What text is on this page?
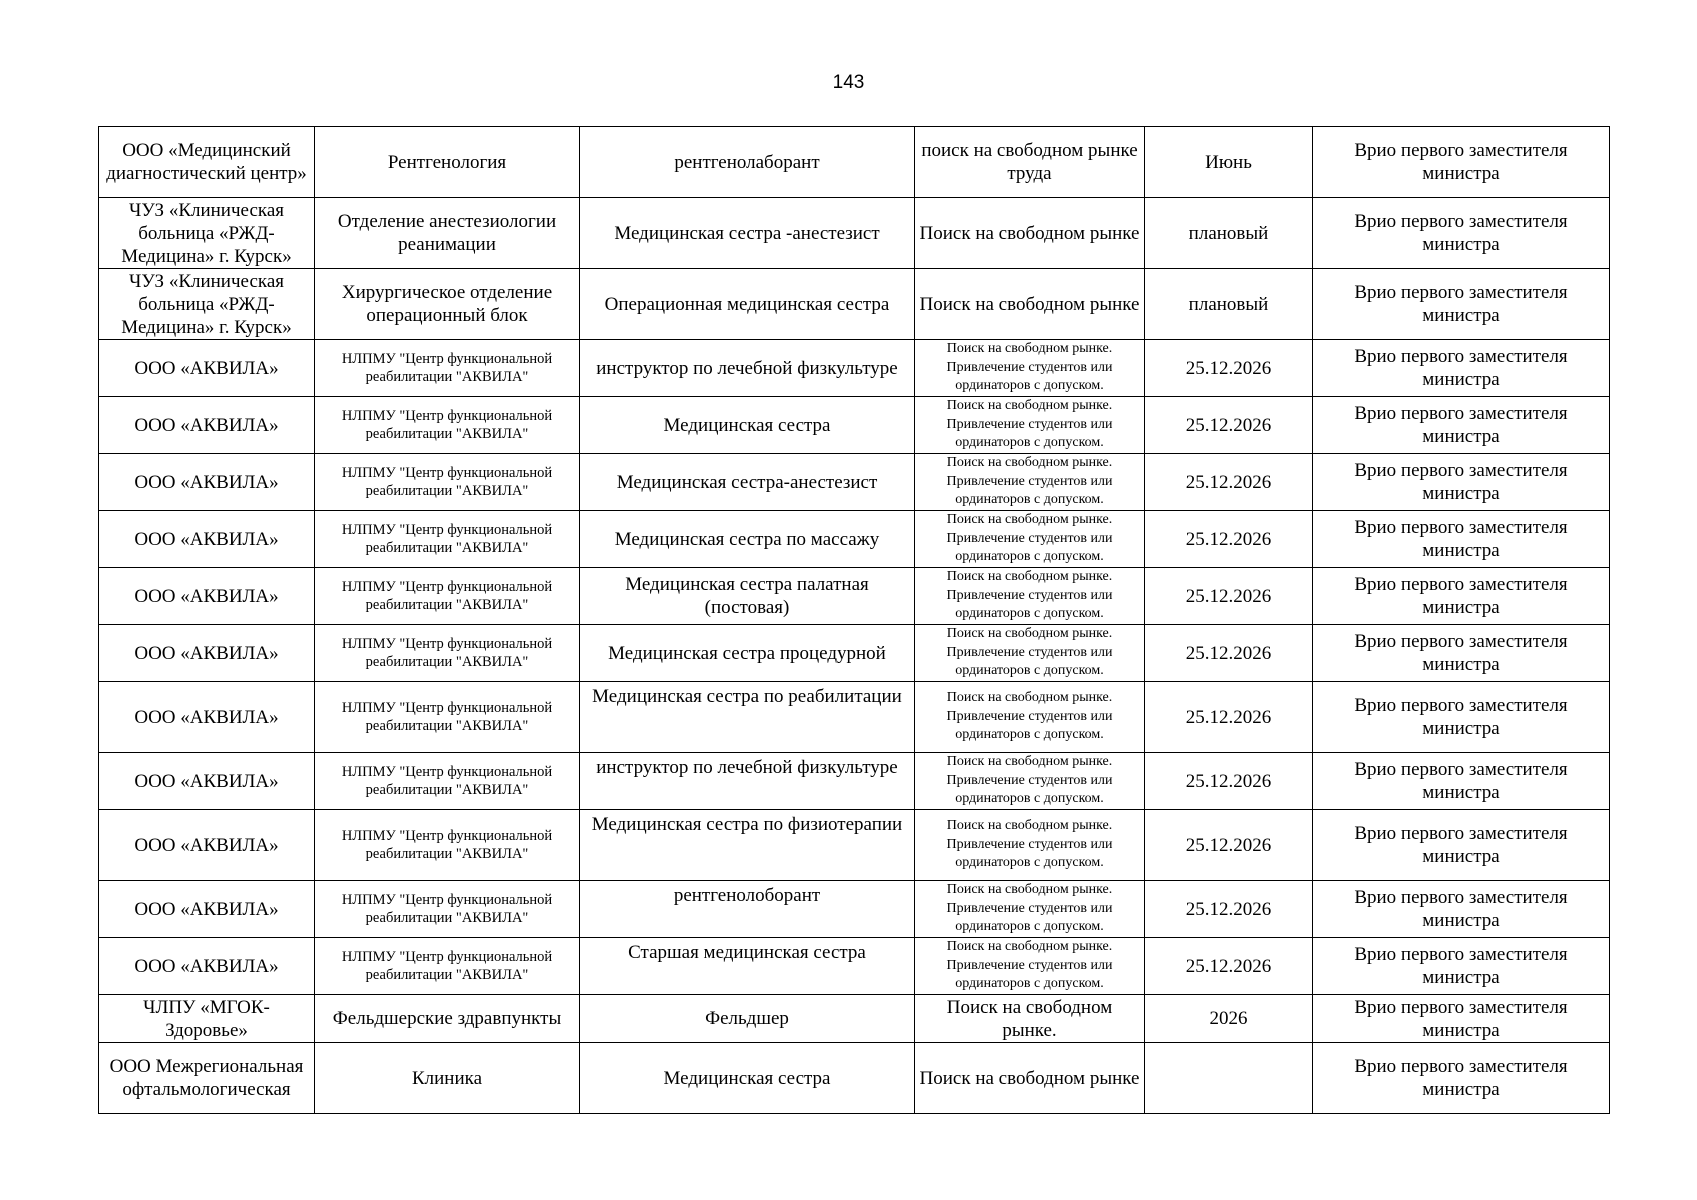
143
ООО «Медицинский диагностический центр»	Рентгенология	рентгенолаборант	поиск на свободном рынке труда	Июнь	Врио первого заместителя министра
ЧУЗ «Клиническая больница «РЖД-Медицина» г. Курск»	Отделение анестезиологии реанимации	Медицинская сестра -анестезист	Поиск на свободном рынке	плановый	Врио первого заместителя министра
ЧУЗ «Клиническая больница «РЖД-Медицина» г. Курск»	Хирургическое отделение операционный блок	Операционная медицинская сестра	Поиск на свободном рынке	плановый	Врио первого заместителя министра
ООО «АКВИЛА»	НЛПМУ "Центр функциональной реабилитации "АКВИЛА"	инструктор по лечебной физкультуре	Поиск на свободном рынке. Привлечение студентов или ординаторов с допуском.	25.12.2026	Врио первого заместителя министра
ООО «АКВИЛА»	НЛПМУ "Центр функциональной реабилитации "АКВИЛА"	Медицинская сестра	Поиск на свободном рынке. Привлечение студентов или ординаторов с допуском.	25.12.2026	Врио первого заместителя министра
ООО «АКВИЛА»	НЛПМУ "Центр функциональной реабилитации "АКВИЛА"	Медицинская сестра-анестезист	Поиск на свободном рынке. Привлечение студентов или ординаторов с допуском.	25.12.2026	Врио первого заместителя министра
ООО «АКВИЛА»	НЛПМУ "Центр функциональной реабилитации "АКВИЛА"	Медицинская сестра по массажу	Поиск на свободном рынке. Привлечение студентов или ординаторов с допуском.	25.12.2026	Врио первого заместителя министра
ООО «АКВИЛА»	НЛПМУ "Центр функциональной реабилитации "АКВИЛА"	Медицинская сестра палатная (постовая)	Поиск на свободном рынке. Привлечение студентов или ординаторов с допуском.	25.12.2026	Врио первого заместителя министра
ООО «АКВИЛА»	НЛПМУ "Центр функциональной реабилитации "АКВИЛА"	Медицинская сестра процедурной	Поиск на свободном рынке. Привлечение студентов или ординаторов с допуском.	25.12.2026	Врио первого заместителя министра
ООО «АКВИЛА»	НЛПМУ "Центр функциональной реабилитации "АКВИЛА"	Медицинская сестра по реабилитации	Поиск на свободном рынке. Привлечение студентов или ординаторов с допуском.	25.12.2026	Врио первого заместителя министра
ООО «АКВИЛА»	НЛПМУ "Центр функциональной реабилитации "АКВИЛА"	инструктор по лечебной физкультуре	Поиск на свободном рынке. Привлечение студентов или ординаторов с допуском.	25.12.2026	Врио первого заместителя министра
ООО «АКВИЛА»	НЛПМУ "Центр функциональной реабилитации "АКВИЛА"	Медицинская сестра по физиотерапии	Поиск на свободном рынке. Привлечение студентов или ординаторов с допуском.	25.12.2026	Врио первого заместителя министра
ООО «АКВИЛА»	НЛПМУ "Центр функциональной реабилитации "АКВИЛА"	рентгенолоборант	Поиск на свободном рынке. Привлечение студентов или ординаторов с допуском.	25.12.2026	Врио первого заместителя министра
ООО «АКВИЛА»	НЛПМУ "Центр функциональной реабилитации "АКВИЛА"	Старшая медицинская сестра	Поиск на свободном рынке. Привлечение студентов или ординаторов с допуском.	25.12.2026	Врио первого заместителя министра
ЧЛПУ «МГОК-Здоровье»	Фельдшерские здравпункты	Фельдшер	Поиск на свободном рынке.	2026	Врио первого заместителя министра
ООО Межрегиональная офтальмологическая	Клиника	Медицинская сестра	Поиск на свободном рынке		Врио первого заместителя министра
